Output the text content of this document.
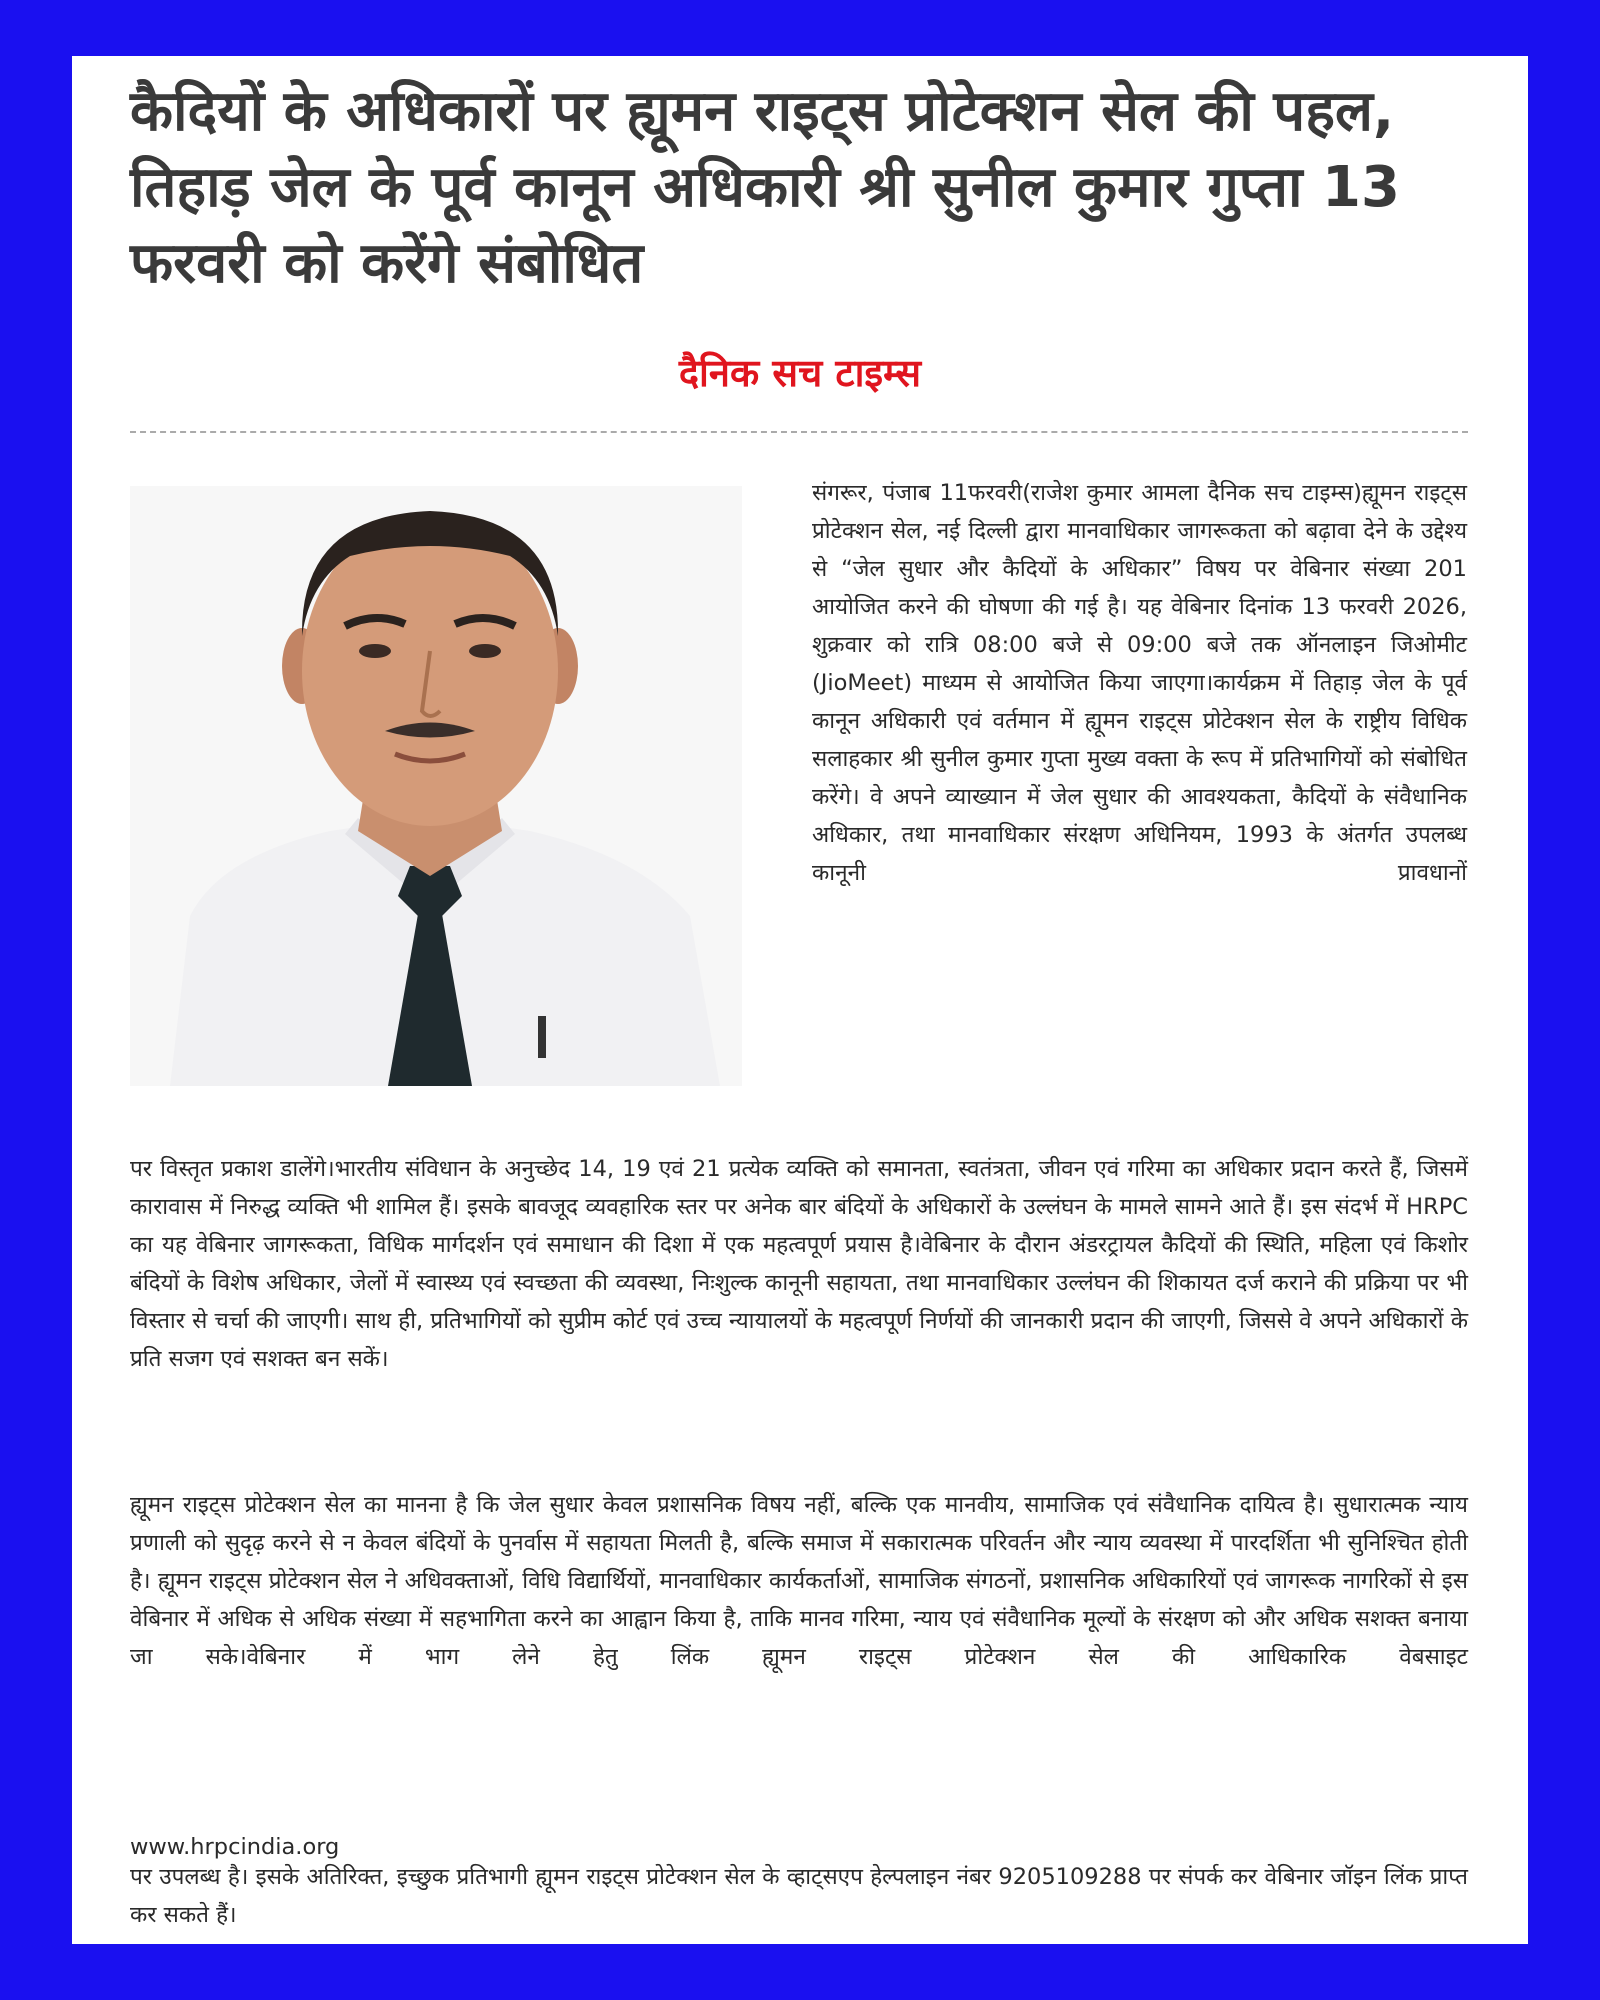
कैदियों के अधिकारों पर ह्यूमन राइट्स प्रोटेक्शन सेल की पहल, तिहाड़ जेल के पूर्व कानून अधिकारी श्री सुनील कुमार गुप्ता 13 फरवरी को करेंगे संबोधित
दैनिक सच टाइम्स

संगरूर, पंजाब 11फरवरी(राजेश कुमार आमला दैनिक सच टाइम्स)ह्यूमन राइट्स प्रोटेक्शन सेल, नई दिल्ली द्वारा मानवाधिकार जागरूकता को बढ़ावा देने के उद्देश्य से “जेल सुधार और कैदियों के अधिकार” विषय पर वेबिनार संख्या 201 आयोजित करने की घोषणा की गई है। यह वेबिनार दिनांक 13 फरवरी 2026, शुक्रवार को रात्रि 08:00 बजे से 09:00 बजे तक ऑनलाइन जिओमीट (JioMeet) माध्यम से आयोजित किया जाएगा।कार्यक्रम में तिहाड़ जेल के पूर्व कानून अधिकारी एवं वर्तमान में ह्यूमन राइट्स प्रोटेक्शन सेल के राष्ट्रीय विधिक सलाहकार श्री सुनील कुमार गुप्ता मुख्य वक्ता के रूप में प्रतिभागियों को संबोधित करेंगे। वे अपने व्याख्यान में जेल सुधार की आवश्यकता, कैदियों के संवैधानिक अधिकार, तथा मानवाधिकार संरक्षण अधिनियम, 1993 के अंतर्गत उपलब्ध कानूनी प्रावधानों

पर विस्तृत प्रकाश डालेंगे।भारतीय संविधान के अनुच्छेद 14, 19 एवं 21 प्रत्येक व्यक्ति को समानता, स्वतंत्रता, जीवन एवं गरिमा का अधिकार प्रदान करते हैं, जिसमें कारावास में निरुद्ध व्यक्ति भी शामिल हैं। इसके बावजूद व्यवहारिक स्तर पर अनेक बार बंदियों के अधिकारों के उल्लंघन के मामले सामने आते हैं। इस संदर्भ में HRPC का यह वेबिनार जागरूकता, विधिक मार्गदर्शन एवं समाधान की दिशा में एक महत्वपूर्ण प्रयास है।वेबिनार के दौरान अंडरट्रायल कैदियों की स्थिति, महिला एवं किशोर बंदियों के विशेष अधिकार, जेलों में स्वास्थ्य एवं स्वच्छता की व्यवस्था, निःशुल्क कानूनी सहायता, तथा मानवाधिकार उल्लंघन की शिकायत दर्ज कराने की प्रक्रिया पर भी विस्तार से चर्चा की जाएगी। साथ ही, प्रतिभागियों को सुप्रीम कोर्ट एवं उच्च न्यायालयों के महत्वपूर्ण निर्णयों की जानकारी प्रदान की जाएगी, जिससे वे अपने अधिकारों के प्रति सजग एवं सशक्त बन सकें।

ह्यूमन राइट्स प्रोटेक्शन सेल का मानना है कि जेल सुधार केवल प्रशासनिक विषय नहीं, बल्कि एक मानवीय, सामाजिक एवं संवैधानिक दायित्व है। सुधारात्मक न्याय प्रणाली को सुदृढ़ करने से न केवल बंदियों के पुनर्वास में सहायता मिलती है, बल्कि समाज में सकारात्मक परिवर्तन और न्याय व्यवस्था में पारदर्शिता भी सुनिश्चित होती है। ह्यूमन राइट्स प्रोटेक्शन सेल ने अधिवक्ताओं, विधि विद्यार्थियों, मानवाधिकार कार्यकर्ताओं, सामाजिक संगठनों, प्रशासनिक अधिकारियों एवं जागरूक नागरिकों से इस वेबिनार में अधिक से अधिक संख्या में सहभागिता करने का आह्वान किया है, ताकि मानव गरिमा, न्याय एवं संवैधानिक मूल्यों के संरक्षण को और अधिक सशक्त बनाया जा सके।वेबिनार में भाग लेने हेतु लिंक ह्यूमन राइट्स प्रोटेक्शन सेल की आधिकारिक वेबसाइट

www.hrpcindia.org

पर उपलब्ध है। इसके अतिरिक्त, इच्छुक प्रतिभागी ह्यूमन राइट्स प्रोटेक्शन सेल के व्हाट्सएप हेल्पलाइन नंबर 9205109288 पर संपर्क कर वेबिनार जॉइन लिंक प्राप्त कर सकते हैं।
